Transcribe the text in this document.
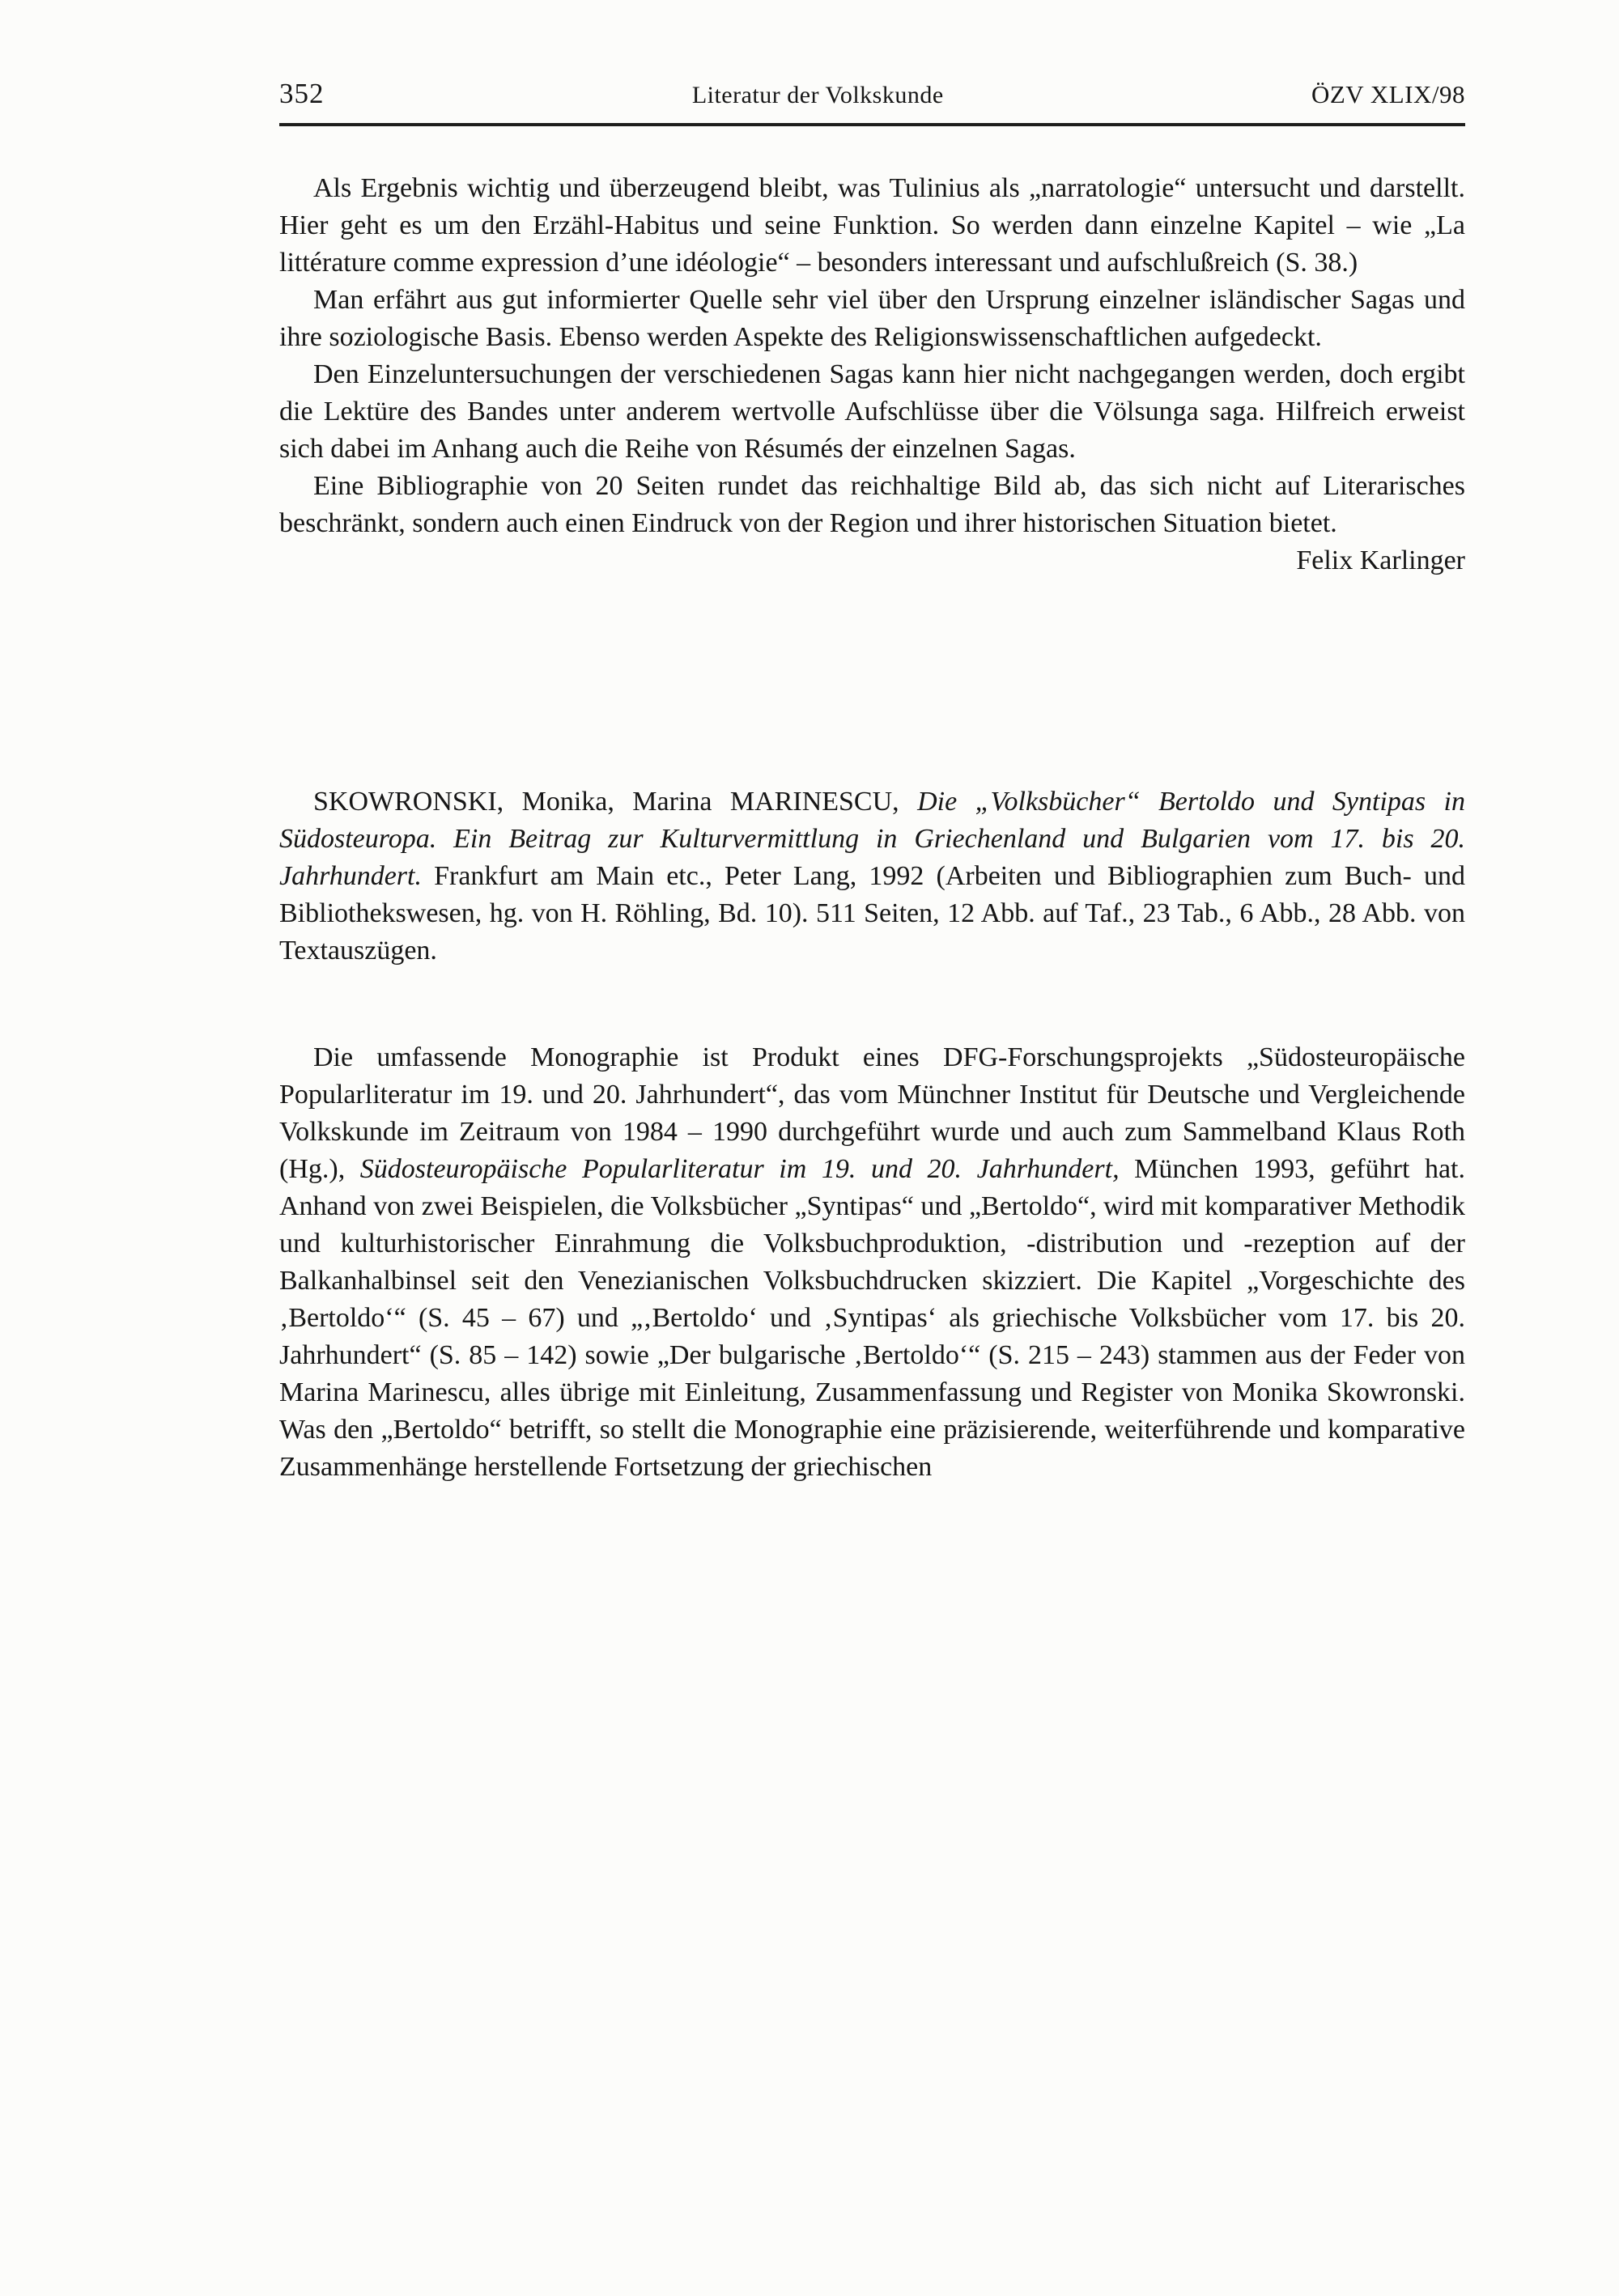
352	Literatur der Volkskunde	ÖZV XLIX/98

Als Ergebnis wichtig und überzeugend bleibt, was Tulinius als „narratologie“ untersucht und darstellt. Hier geht es um den Erzähl-Habitus und seine Funktion. So werden dann einzelne Kapitel – wie „La littérature comme expression d’une idéologie“ – besonders interessant und aufschlußreich (S. 38.)

Man erfährt aus gut informierter Quelle sehr viel über den Ursprung einzelner isländischer Sagas und ihre soziologische Basis. Ebenso werden Aspekte des Religionswissenschaftlichen aufgedeckt.

Den Einzeluntersuchungen der verschiedenen Sagas kann hier nicht nachgegangen werden, doch ergibt die Lektüre des Bandes unter anderem wertvolle Aufschlüsse über die Völsunga saga. Hilfreich erweist sich dabei im Anhang auch die Reihe von Résumés der einzelnen Sagas.

Eine Bibliographie von 20 Seiten rundet das reichhaltige Bild ab, das sich nicht auf Literarisches beschränkt, sondern auch einen Eindruck von der Region und ihrer historischen Situation bietet.

Felix Karlinger

SKOWRONSKI, Monika, Marina MARINESCU, Die „Volksbücher“ Bertoldo und Syntipas in Südosteuropa. Ein Beitrag zur Kulturvermittlung in Griechenland und Bulgarien vom 17. bis 20. Jahrhundert. Frankfurt am Main etc., Peter Lang, 1992 (Arbeiten und Bibliographien zum Buch- und Bibliothekswesen, hg. von H. Röhling, Bd. 10). 511 Seiten, 12 Abb. auf Taf., 23 Tab., 6 Abb., 28 Abb. von Textauszügen.

Die umfassende Monographie ist Produkt eines DFG-Forschungsprojekts „Südosteuropäische Popularliteratur im 19. und 20. Jahrhundert“, das vom Münchner Institut für Deutsche und Vergleichende Volkskunde im Zeitraum von 1984 – 1990 durchgeführt wurde und auch zum Sammelband Klaus Roth (Hg.), Südosteuropäische Popularliteratur im 19. und 20. Jahrhundert, München 1993, geführt hat. Anhand von zwei Beispielen, die Volksbücher „Syntipas“ und „Bertoldo“, wird mit komparativer Methodik und kulturhistorischer Einrahmung die Volksbuchproduktion, -distribution und -rezeption auf der Balkanhalbinsel seit den Venezianischen Volksbuchdrucken skizziert. Die Kapitel „Vorgeschichte des ‚Bertoldo‘“ (S. 45 – 67) und „‚Bertoldo‘ und ‚Syntipas‘ als griechische Volksbücher vom 17. bis 20. Jahrhundert“ (S. 85 – 142) sowie „Der bulgarische ‚Bertoldo‘“ (S. 215 – 243) stammen aus der Feder von Marina Marinescu, alles übrige mit Einleitung, Zusammenfassung und Register von Monika Skowronski. Was den „Bertoldo“ betrifft, so stellt die Monographie eine präzisierende, weiterführende und komparative Zusammenhänge herstellende Fortsetzung der griechischen
